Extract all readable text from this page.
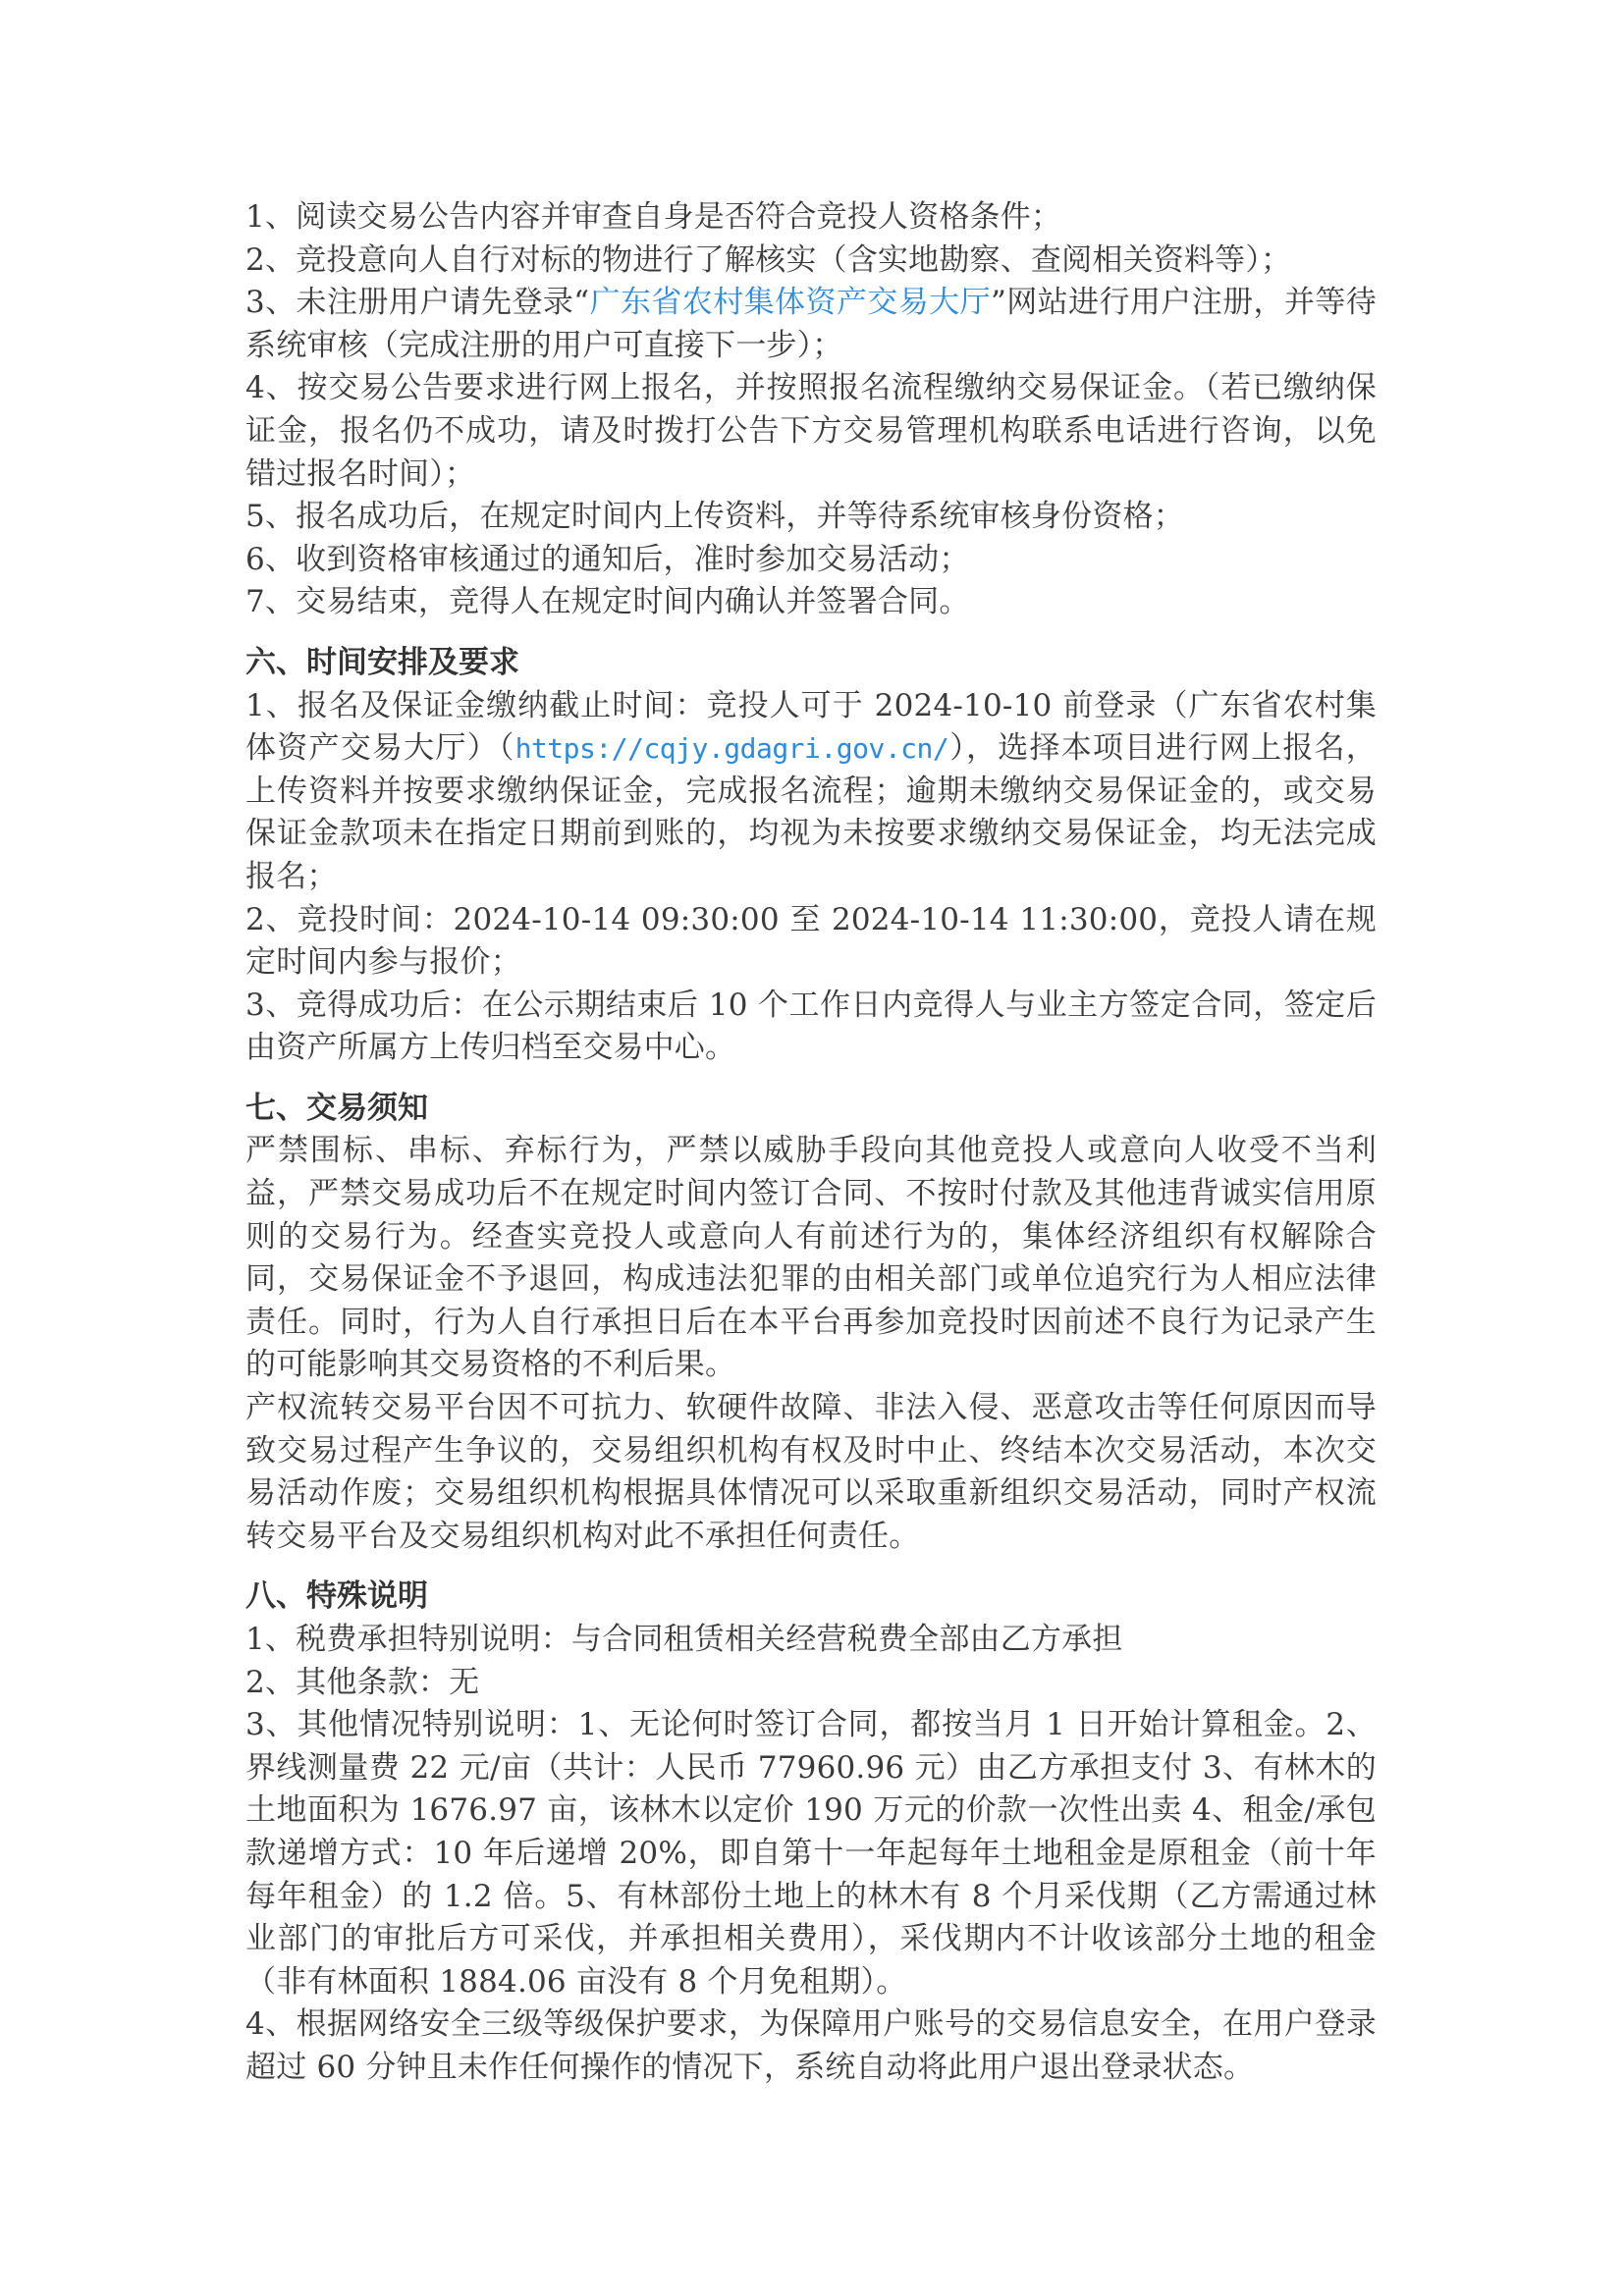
1、阅读交易公告内容并审查自身是否符合竞投人资格条件；

2、竞投意向人自行对标的物进行了解核实（含实地勘察、查阅相关资料等）；

3、未注册用户请先登录“广东省农村集体资产交易大厅”网站进行用户注册，并等待系统审核（完成注册的用户可直接下一步）；

4、按交易公告要求进行网上报名，并按照报名流程缴纳交易保证金。（若已缴纳保证金，报名仍不成功，请及时拨打公告下方交易管理机构联系电话进行咨询，以免错过报名时间）；

5、报名成功后，在规定时间内上传资料，并等待系统审核身份资格；

6、收到资格审核通过的通知后，准时参加交易活动；

7、交易结束，竞得人在规定时间内确认并签署合同。

六、时间安排及要求

1、报名及保证金缴纳截止时间：竞投人可于 2024-10-10 前登录（广东省农村集体资产交易大厅）（https://cqjy.gdagri.gov.cn/），选择本项目进行网上报名，上传资料并按要求缴纳保证金，完成报名流程；逾期未缴纳交易保证金的，或交易保证金款项未在指定日期前到账的，均视为未按要求缴纳交易保证金，均无法完成报名；

2、竞投时间：2024-10-14 09:30:00 至 2024-10-14 11:30:00，竞投人请在规定时间内参与报价；

3、竞得成功后：在公示期结束后 10 个工作日内竞得人与业主方签定合同，签定后由资产所属方上传归档至交易中心。

七、交易须知

严禁围标、串标、弃标行为，严禁以威胁手段向其他竞投人或意向人收受不当利益，严禁交易成功后不在规定时间内签订合同、不按时付款及其他违背诚实信用原则的交易行为。经查实竞投人或意向人有前述行为的，集体经济组织有权解除合同，交易保证金不予退回，构成违法犯罪的由相关部门或单位追究行为人相应法律责任。同时，行为人自行承担日后在本平台再参加竞投时因前述不良行为记录产生的可能影响其交易资格的不利后果。

产权流转交易平台因不可抗力、软硬件故障、非法入侵、恶意攻击等任何原因而导致交易过程产生争议的，交易组织机构有权及时中止、终结本次交易活动，本次交易活动作废；交易组织机构根据具体情况可以采取重新组织交易活动，同时产权流转交易平台及交易组织机构对此不承担任何责任。

八、特殊说明

1、税费承担特别说明：与合同租赁相关经营税费全部由乙方承担

2、其他条款：无

3、其他情况特别说明：1、无论何时签订合同，都按当月 1 日开始计算租金。2、界线测量费 22 元/亩（共计：人民币 77960.96 元）由乙方承担支付 3、有林木的土地面积为 1676.97 亩，该林木以定价 190 万元的价款一次性出卖 4、租金/承包款递增方式：10 年后递增 20%，即自第十一年起每年土地租金是原租金（前十年每年租金）的 1.2 倍。5、有林部份土地上的林木有 8 个月采伐期（乙方需通过林业部门的审批后方可采伐，并承担相关费用），采伐期内不计收该部分土地的租金（非有林面积 1884.06 亩没有 8 个月免租期）。

4、根据网络安全三级等级保护要求，为保障用户账号的交易信息安全，在用户登录超过 60 分钟且未作任何操作的情况下，系统自动将此用户退出登录状态。
